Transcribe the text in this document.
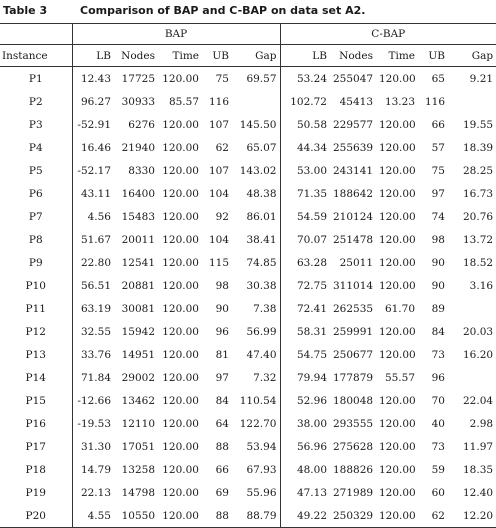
Table 3	Comparison of BAP and C-BAP on data set A2.
	BAP					C-BAP				
Instance	LB	Nodes	Time	UB	Gap	LB	Nodes	Time	UB	Gap
P1	12.43	17725	120.00	75	69.57	53.24	255047	120.00	65	9.21
P2	96.27	30933	85.57	116		102.72	45413	13.23	116	
P3	-52.91	6276	120.00	107	145.50	50.58	229577	120.00	66	19.55
P4	16.46	21940	120.00	62	65.07	44.34	255639	120.00	57	18.39
P5	-52.17	8330	120.00	107	143.02	53.00	243141	120.00	75	28.25
P6	43.11	16400	120.00	104	48.38	71.35	188642	120.00	97	16.73
P7	4.56	15483	120.00	92	86.01	54.59	210124	120.00	74	20.76
P8	51.67	20011	120.00	104	38.41	70.07	251478	120.00	98	13.72
P9	22.80	12541	120.00	115	74.85	63.28	25011	120.00	90	18.52
P10	56.51	20881	120.00	98	30.38	72.75	311014	120.00	90	3.16
P11	63.19	30081	120.00	90	7.38	72.41	262535	61.70	89	
P12	32.55	15942	120.00	96	56.99	58.31	259991	120.00	84	20.03
P13	33.76	14951	120.00	81	47.40	54.75	250677	120.00	73	16.20
P14	71.84	29002	120.00	97	7.32	79.94	177879	55.57	96	
P15	-12.66	13462	120.00	84	110.54	52.96	180048	120.00	70	22.04
P16	-19.53	12110	120.00	64	122.70	38.00	293555	120.00	40	2.98
P17	31.30	17051	120.00	88	53.94	56.96	275628	120.00	73	11.97
P18	14.79	13258	120.00	66	67.93	48.00	188826	120.00	59	18.35
P19	22.13	14798	120.00	69	55.96	47.13	271989	120.00	60	12.40
P20	4.55	10550	120.00	88	88.79	49.22	250329	120.00	62	12.20
